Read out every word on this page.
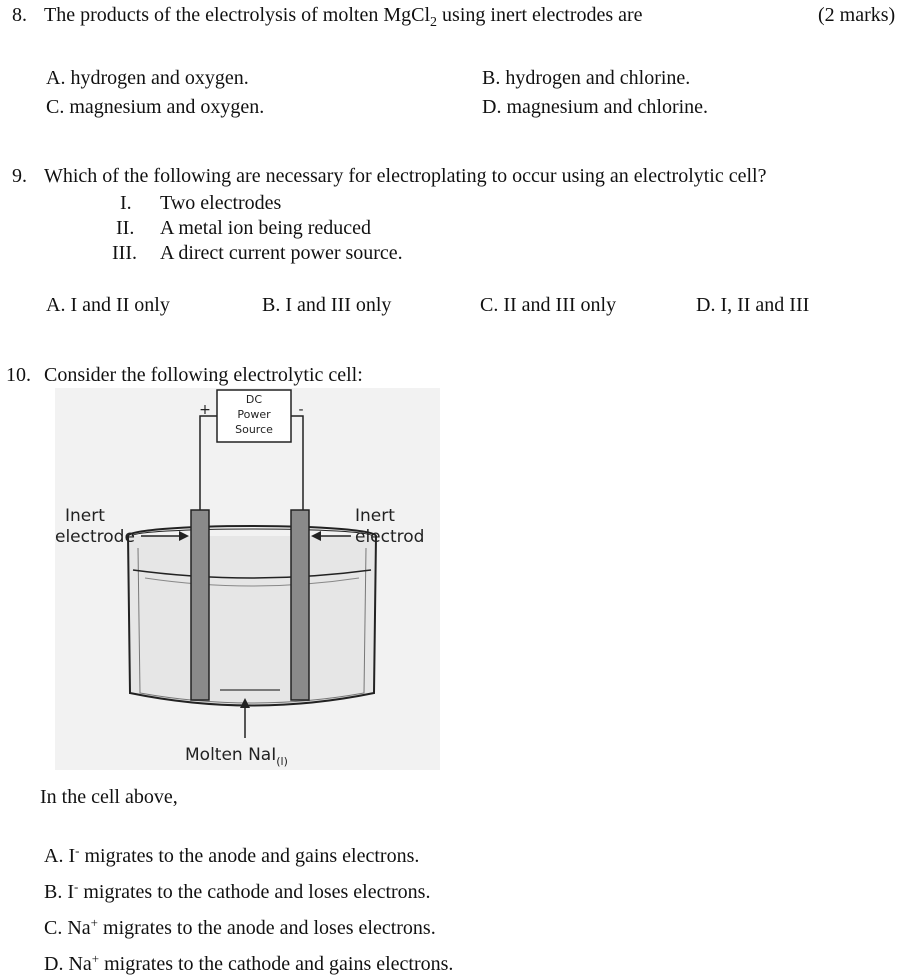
8. The products of the electrolysis of molten MgCl$_2$ using inert electrodes are	(2 marks)
A. hydrogen and oxygen.	B. hydrogen and chlorine.
C. magnesium and oxygen.	D. magnesium and chlorine.
9. Which of the following are necessary for electroplating to occur using an electrolytic cell?
I. Two electrodes
II. A metal ion being reduced
III. A direct current power source.
A. I and II only	B. I and III only	C. II and III only	D. I, II and III
10. Consider the following electrolytic cell:
DC
Power
Source
+	-
Inert
electrode
Inert
electrod
Molten NaI$_{(l)}$
In the cell above,
A. I- migrates to the anode and gains electrons.
B. I- migrates to the cathode and loses electrons.
C. Na+ migrates to the anode and loses electrons.
D. Na+ migrates to the cathode and gains electrons.
